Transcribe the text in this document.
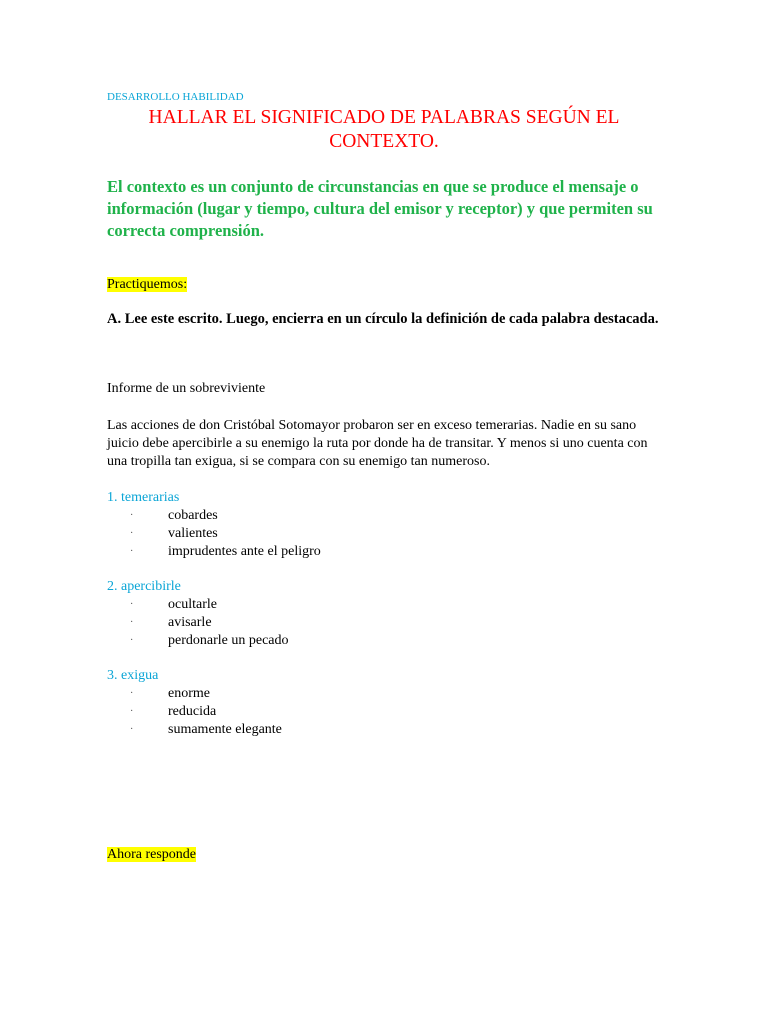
DESARROLLO HABILIDAD
HALLAR EL SIGNIFICADO DE PALABRAS SEGÚN EL
CONTEXTO.
El contexto es un conjunto de circunstancias en que se produce el mensaje o información (lugar y tiempo, cultura del emisor y receptor) y que permiten su correcta comprensión.
Practiquemos:
A. Lee este escrito. Luego, encierra en un círculo la definición de cada palabra destacada.
Informe de un sobreviviente
Las acciones de don Cristóbal Sotomayor probaron ser en exceso temerarias. Nadie en su sano juicio debe apercibirle a su enemigo la ruta por donde ha de transitar. Y menos si uno cuenta con una tropilla tan exigua, si se compara con su enemigo tan numeroso.
1. temerarias
· cobardes
· valientes
· imprudentes ante el peligro
2. apercibirle
· ocultarle
· avisarle
· perdonarle un pecado
3. exigua
· enorme
· reducida
· sumamente elegante
Ahora responde
